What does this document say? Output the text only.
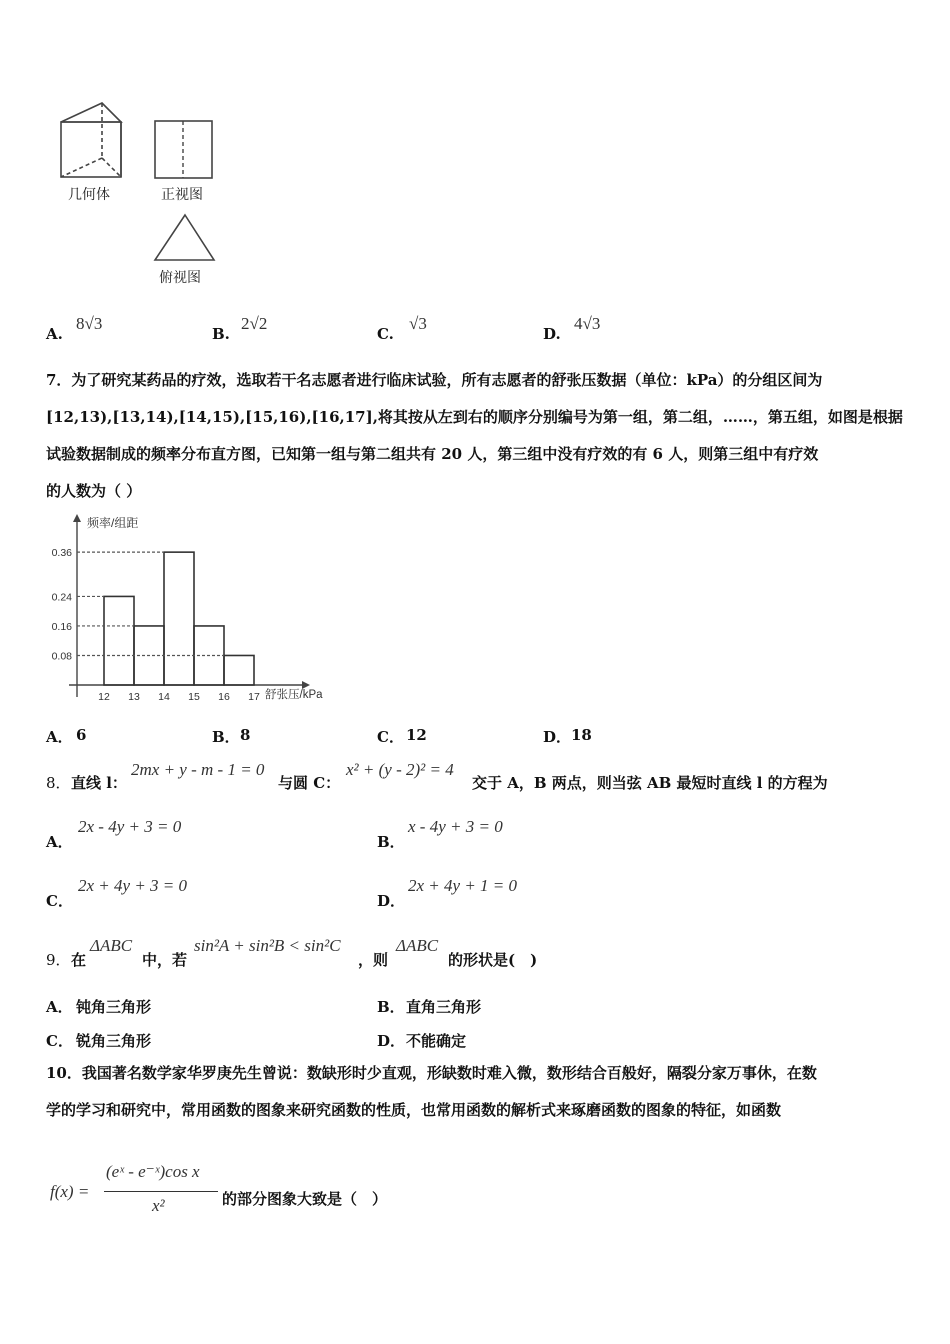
几何体	正视图
俯视图
A.
8√3
B.
2√2
C.
√3
D.
4√3
7．为了研究某药品的疗效，选取若干名志愿者进行临床试验，所有志愿者的舒张压数据（单位：kPa）的分组区间为
[12,13),[13,14),[14,15),[15,16),[16,17],将其按从左到右的顺序分别编号为第一组，第二组，……，第五组，如图是根据
试验数据制成的频率分布直方图，已知第一组与第二组共有 20 人，第三组中没有疗效的有 6 人，则第三组中有疗效
的人数为（ ）
频率/组距
舒张压/kPa
0.36
0.24
0.16
0.08
12 13 14 15 16 17
A． 6	B． 8	C． 12	D． 18
8． 直线 l：
2mx + y - m - 1 = 0
与圆 C：
x² + (y - 2)² = 4
交于 A，B 两点，则当弦 AB 最短时直线 l 的方程为
A．
2x - 4y + 3 = 0
B．
x - 4y + 3 = 0
C．
2x + 4y + 3 = 0
D．
2x + 4y + 1 = 0
9． 在
ΔABC
中，若
sin²A + sin²B < sin²C
，则
ΔABC
的形状是(　)
A． 钝角三角形	B． 直角三角形
C． 锐角三角形	D． 不能确定
10．我国著名数学家华罗庚先生曾说：数缺形时少直观，形缺数时难入微，数形结合百般好，隔裂分家万事休，在数
学的学习和研究中，常用函数的图象来研究函数的性质，也常用函数的解析式来琢磨函数的图象的特征，如函数
f(x) =
(eˣ - e⁻ˣ)cos x
x²	的部分图象大致是（　）
